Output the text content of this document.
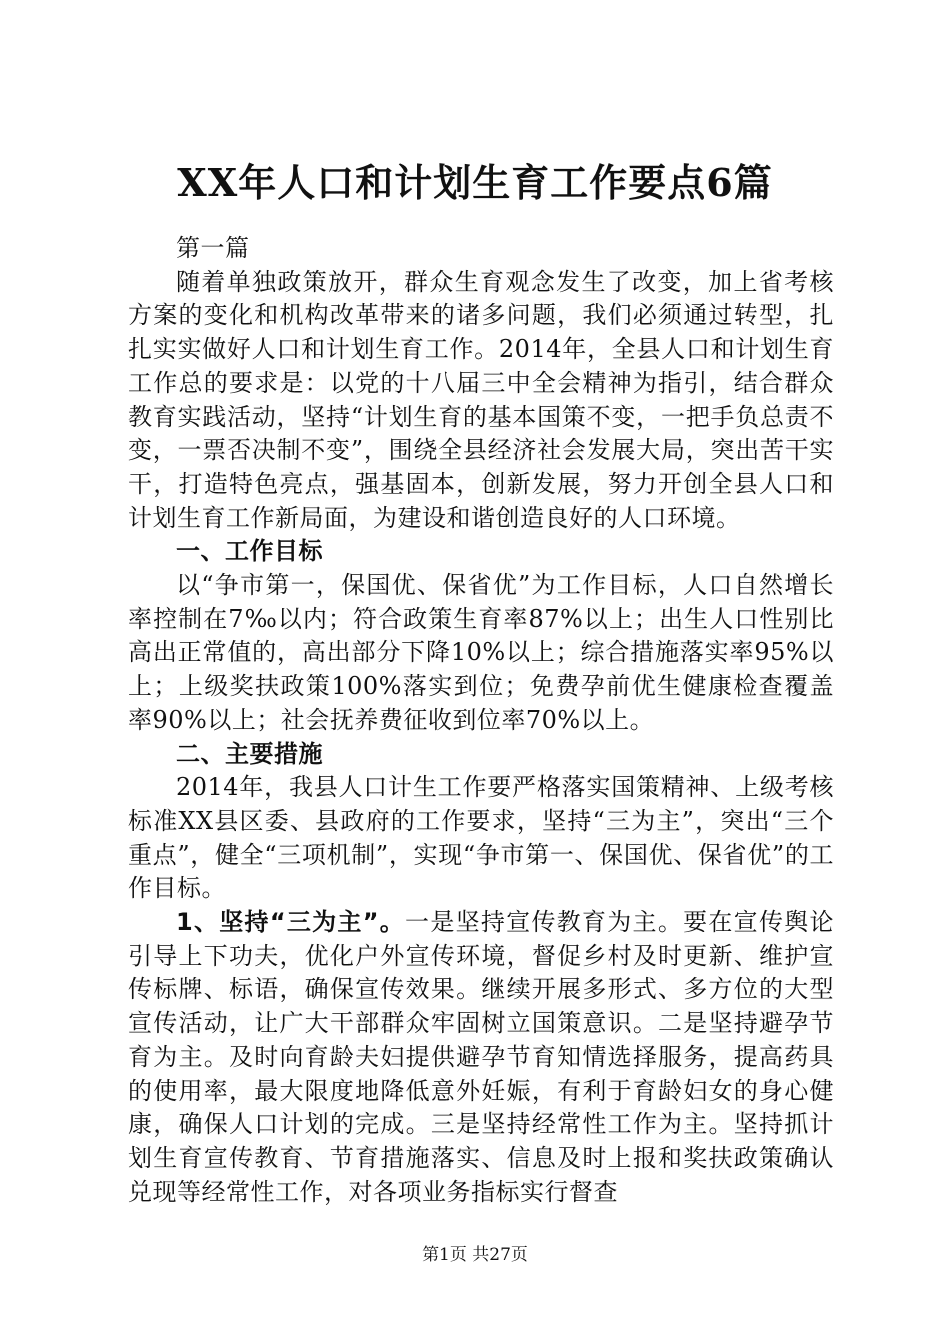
XX年人口和计划生育工作要点6篇

第一篇

随着单独政策放开，群众生育观念发生了改变，加上省考核方案的变化和机构改革带来的诸多问题，我们必须通过转型，扎扎实实做好人口和计划生育工作。2014年，全县人口和计划生育工作总的要求是：以党的十八届三中全会精神为指引，结合群众教育实践活动，坚持“计划生育的基本国策不变，一把手负总责不变，一票否决制不变”，围绕全县经济社会发展大局，突出苦干实干，打造特色亮点，强基固本，创新发展，努力开创全县人口和计划生育工作新局面，为建设和谐创造良好的人口环境。

一、工作目标

以“争市第一，保国优、保省优”为工作目标，人口自然增长率控制在7‰以内；符合政策生育率87%以上；出生人口性别比高出正常值的，高出部分下降10%以上；综合措施落实率95%以上；上级奖扶政策100%落实到位；免费孕前优生健康检查覆盖率90%以上；社会抚养费征收到位率70%以上。

二、主要措施

2014年，我县人口计生工作要严格落实国策精神、上级考核标准XX县区委、县政府的工作要求，坚持“三为主”，突出“三个重点”，健全“三项机制”，实现“争市第一、保国优、保省优”的工作目标。

1、坚持“三为主”。一是坚持宣传教育为主。要在宣传舆论引导上下功夫，优化户外宣传环境，督促乡村及时更新、维护宣传标牌、标语，确保宣传效果。继续开展多形式、多方位的大型宣传活动，让广大干部群众牢固树立国策意识。二是坚持避孕节育为主。及时向育龄夫妇提供避孕节育知情选择服务，提高药具的使用率，最大限度地降低意外妊娠，有利于育龄妇女的身心健康，确保人口计划的完成。三是坚持经常性工作为主。坚持抓计划生育宣传教育、节育措施落实、信息及时上报和奖扶政策确认兑现等经常性工作，对各项业务指标实行督查

第1页 共27页
